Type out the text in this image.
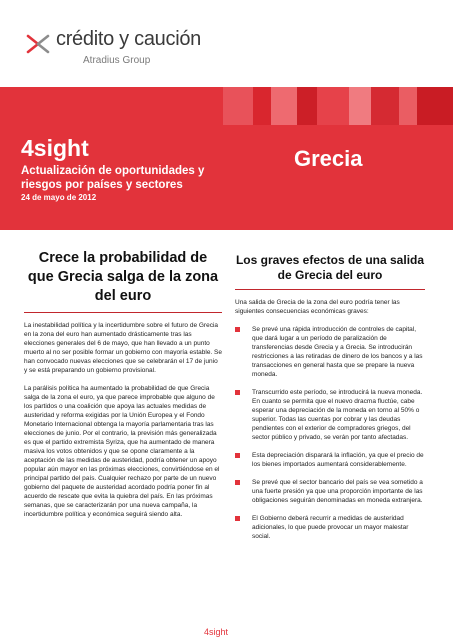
crédito y caución
Atradius Group
4sight
Actualización de oportunidades y riesgos por países y sectores
24 de mayo de 2012
Grecia
Crece la probabilidad de que Grecia salga de la zona del euro

La inestabilidad política y la incertidumbre sobre el futuro de Grecia en la zona del euro han aumentado drásticamente tras las elecciones generales del 6 de mayo, que han llevado a un punto muerto al no ser posible formar un gobierno con mayoría estable. Se han convocado nuevas elecciones que se celebrarán el 17 de junio y se está preparando un gobierno provisional.

La parálisis política ha aumentado la probabilidad de que Grecia salga de la zona el euro, ya que parece improbable que alguno de los partidos o una coalición que apoya las actuales medidas de austeridad y reforma exigidas por la Unión Europea y el Fondo Monetario Internacional obtenga la mayoría parlamentaria tras las elecciones de junio. Por el contrario, la previsión más generalizada es que el partido extremista Syriza, que ha aumentado de manera masiva los votos obtenidos y que se opone claramente a la aceptación de las medidas de austeridad, podría obtener un apoyo popular aún mayor en las próximas elecciones, convirtiéndose en el principal partido del país. Cualquier rechazo por parte de un nuevo gobierno del paquete de austeridad acordado podría poner fin al acuerdo de rescate que evita la quiebra del país. En las próximas semanas, que se caracterizarán por una nueva campaña, la incertidumbre política y económica seguirá siendo alta.

Los graves efectos de una salida de Grecia del euro

Una salida de Grecia de la zona del euro podría tener las siguientes consecuencias económicas graves:

Se prevé una rápida introducción de controles de capital, que dará lugar a un período de paralización de transferencias desde Grecia y a Grecia. Se introducirán restricciones a las retiradas de dinero de los bancos y a las transacciones en general hasta que se prepare la nueva moneda.
Transcurrido este período, se introducirá la nueva moneda. En cuanto se permita que el nuevo dracma fluctúe, cabe esperar una depreciación de la moneda en torno al 50% o superior. Todas las cuentas por cobrar y las deudas pendientes con el exterior de compradores griegos, del sector público y privado, se verán por tanto afectadas.
Esta depreciación disparará la inflación, ya que el precio de los bienes importados aumentará considerablemente.
Se prevé que el sector bancario del país se vea sometido a una fuerte presión ya que una proporción importante de las obligaciones seguirán denominadas en moneda extranjera.
El Gobierno deberá recurrir a medidas de austeridad adicionales, lo que puede provocar un mayor malestar social.
4sight
